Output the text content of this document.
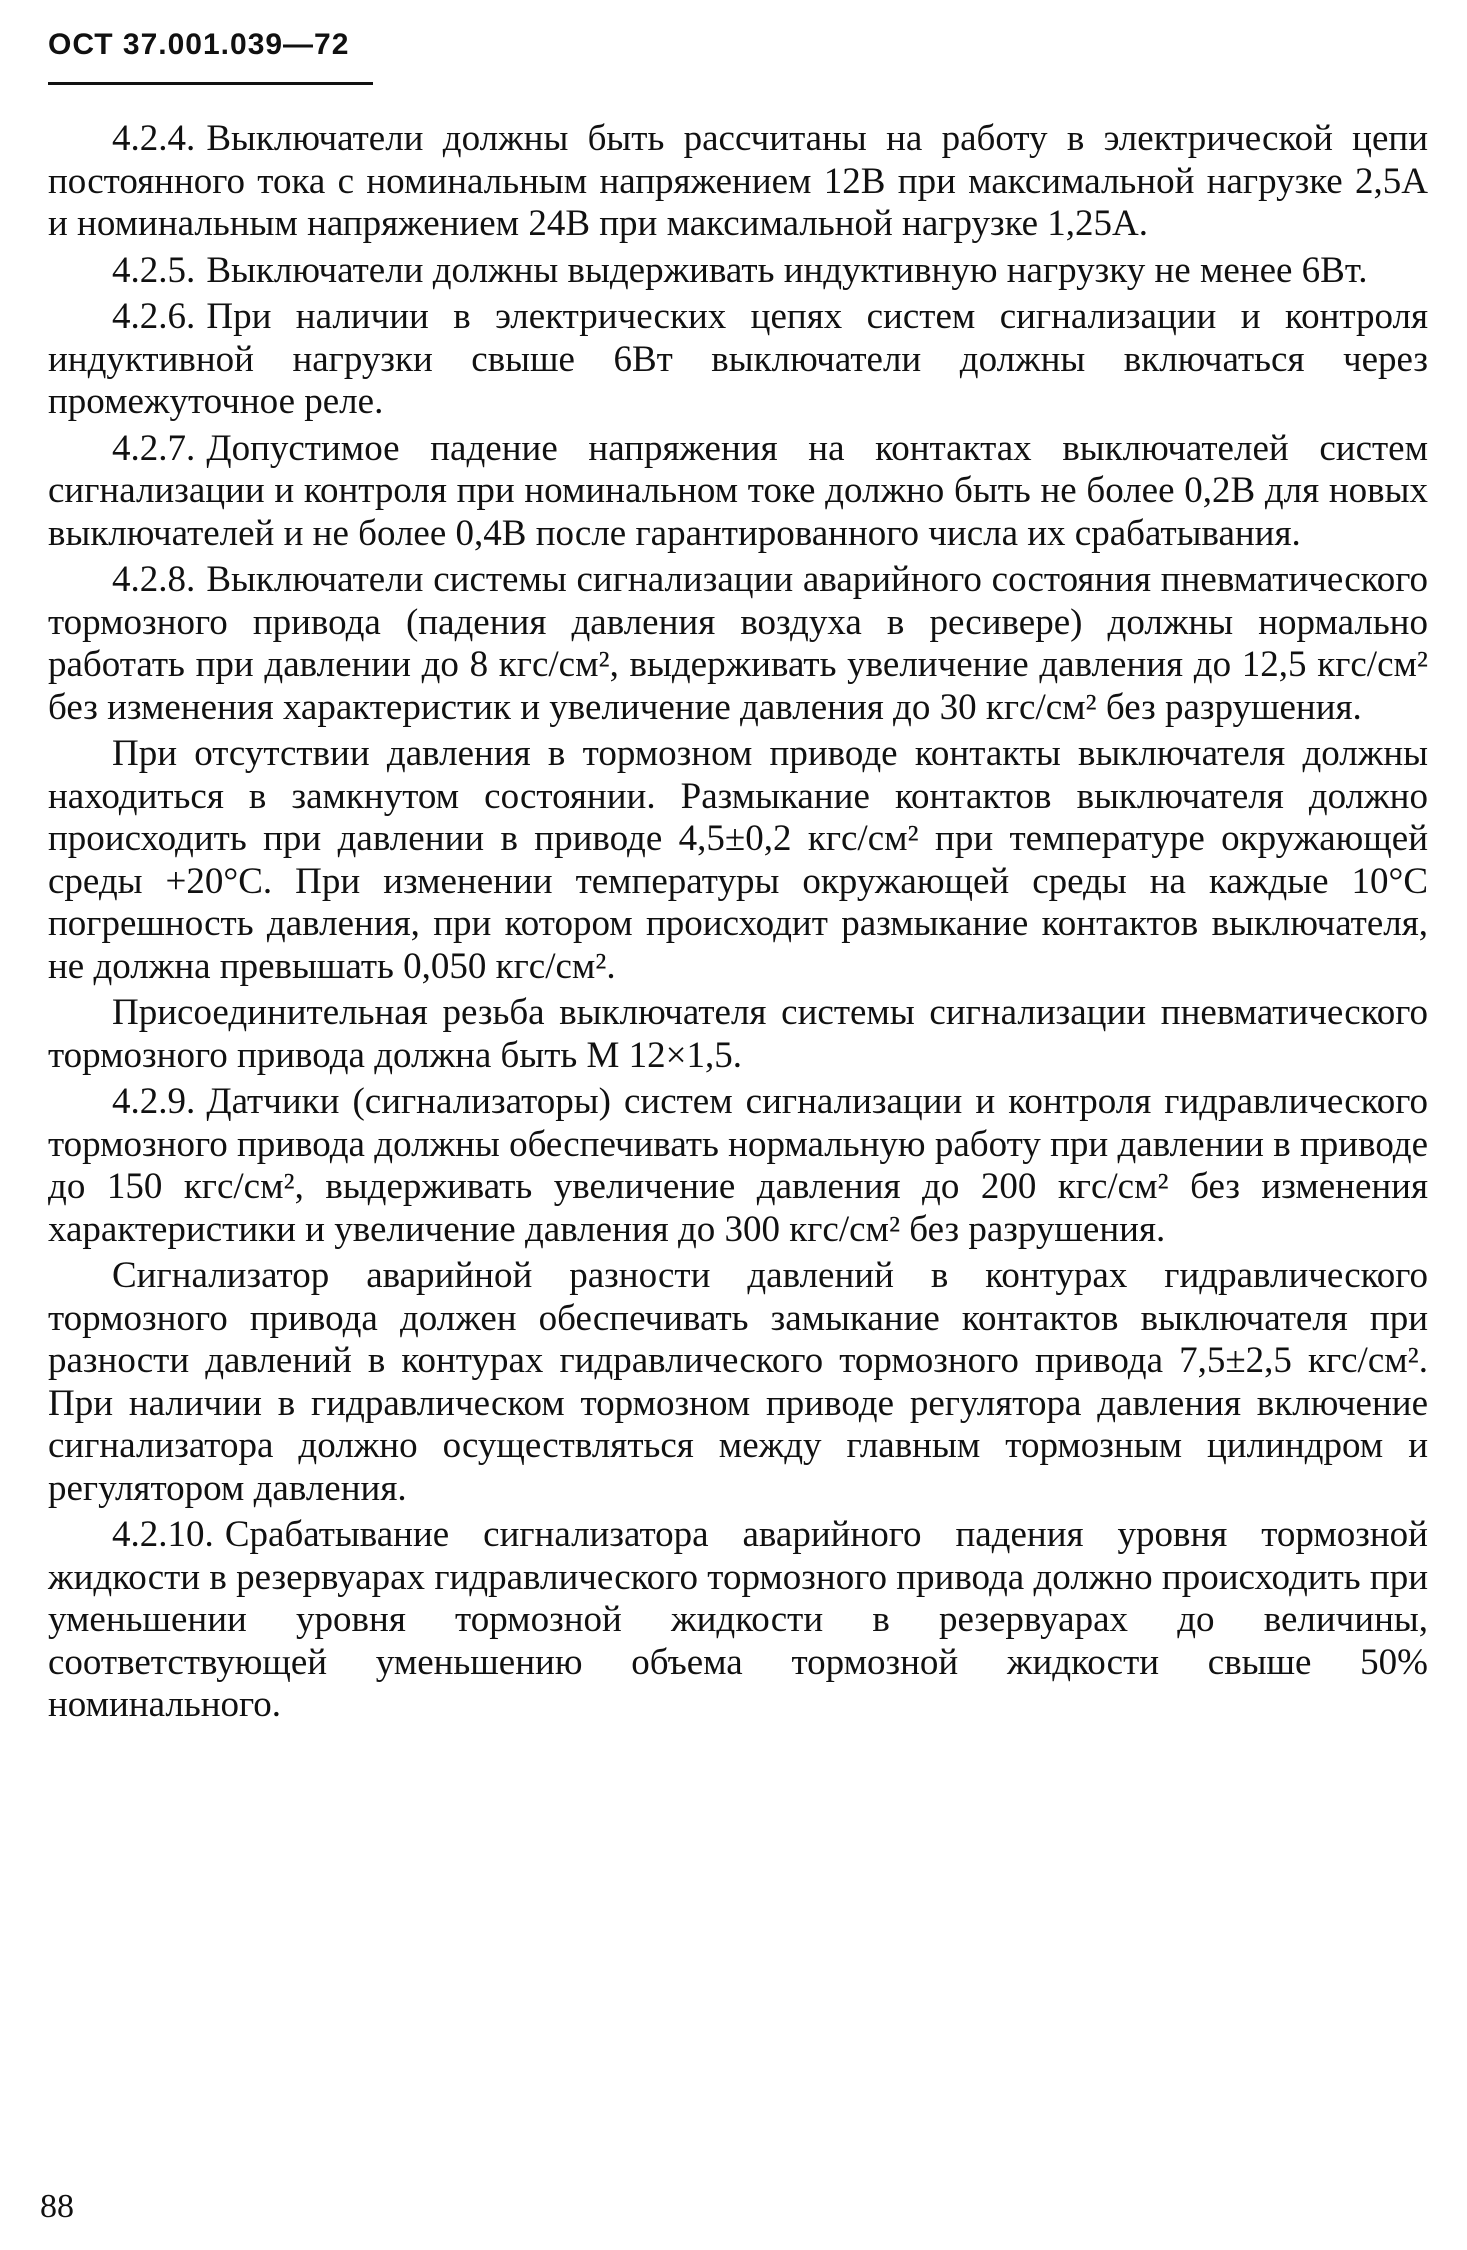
ОСТ 37.001.039—72

4.2.4. Выключатели должны быть рассчитаны на работу в электрической цепи постоянного тока с номинальным напряжением 12В при максимальной нагрузке 2,5А и номинальным напряжением 24В при максимальной нагрузке 1,25А.

4.2.5. Выключатели должны выдерживать индуктивную нагрузку не менее 6Вт.

4.2.6. При наличии в электрических цепях систем сигнализации и контроля индуктивной нагрузки свыше 6Вт выключатели должны включаться через промежуточное реле.

4.2.7. Допустимое падение напряжения на контактах выключателей систем сигнализации и контроля при номинальном токе должно быть не более 0,2В для новых выключателей и не более 0,4В после гарантированного числа их срабатывания.

4.2.8. Выключатели системы сигнализации аварийного состояния пневматического тормозного привода (падения давления воздуха в ресивере) должны нормально работать при давлении до 8 кгс/см², выдерживать увеличение давления до 12,5 кгс/см² без изменения характеристик и увеличение давления до 30 кгс/см² без разрушения.

При отсутствии давления в тормозном приводе контакты выключателя должны находиться в замкнутом состоянии. Размыкание контактов выключателя должно происходить при давлении в приводе 4,5±0,2 кгс/см² при температуре окружающей среды +20°С. При изменении температуры окружающей среды на каждые 10°С погрешность давления, при котором происходит размыкание контактов выключателя, не должна превышать 0,050 кгс/см².

Присоединительная резьба выключателя системы сигнализации пневматического тормозного привода должна быть М 12×1,5.

4.2.9. Датчики (сигнализаторы) систем сигнализации и контроля гидравлического тормозного привода должны обеспечивать нормальную работу при давлении в приводе до 150 кгс/см², выдерживать увеличение давления до 200 кгс/см² без изменения характеристики и увеличение давления до 300 кгс/см² без разрушения.

Сигнализатор аварийной разности давлений в контурах гидравлического тормозного привода должен обеспечивать замыкание контактов выключателя при разности давлений в контурах гидравлического тормозного привода 7,5±2,5 кгс/см². При наличии в гидравлическом тормозном приводе регулятора давления включение сигнализатора должно осуществляться между главным тормозным цилиндром и регулятором давления.

4.2.10. Срабатывание сигнализатора аварийного падения уровня тормозной жидкости в резервуарах гидравлического тормозного привода должно происходить при уменьшении уровня тормозной жидкости в резервуарах до величины, соответствующей уменьшению объема тормозной жидкости свыше 50% номинального.

88
